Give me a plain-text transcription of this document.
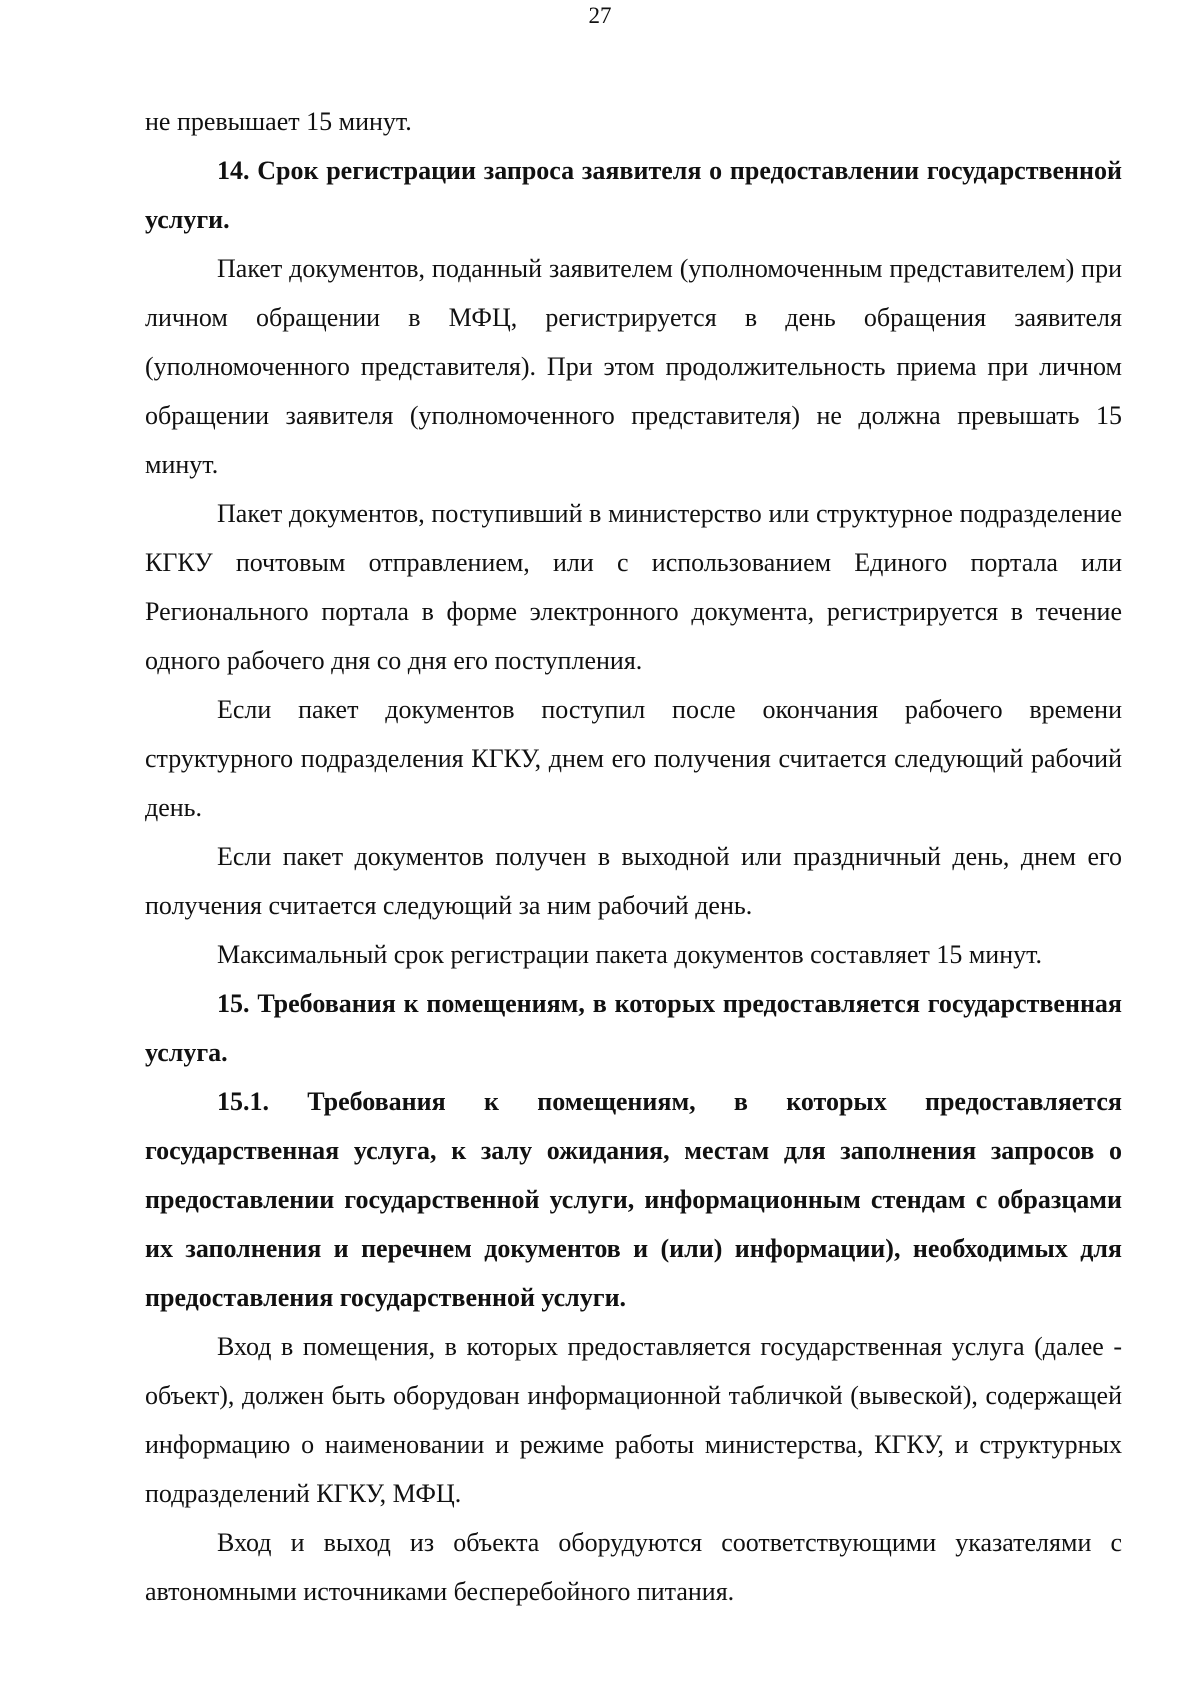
27

не превышает 15 минут.

14. Срок регистрации запроса заявителя о предоставлении государственной услуги.

Пакет документов, поданный заявителем (уполномоченным представителем) при личном обращении в МФЦ, регистрируется в день обращения заявителя (уполномоченного представителя). При этом продолжительность приема при личном обращении заявителя (уполномоченного представителя) не должна превышать 15 минут.

Пакет документов, поступивший в министерство или структурное подразделение КГКУ почтовым отправлением, или с использованием Единого портала или Регионального портала в форме электронного документа, регистрируется в течение одного рабочего дня со дня его поступления.

Если пакет документов поступил после окончания рабочего времени структурного подразделения КГКУ, днем его получения считается следующий рабочий день.

Если пакет документов получен в выходной или праздничный день, днем его получения считается следующий за ним рабочий день.

Максимальный срок регистрации пакета документов составляет 15 минут.

15. Требования к помещениям, в которых предоставляется государственная услуга.

15.1. Требования к помещениям, в которых предоставляется государственная услуга, к залу ожидания, местам для заполнения запросов о предоставлении государственной услуги, информационным стендам с образцами их заполнения и перечнем документов и (или) информации), необходимых для предоставления государственной услуги.

Вход в помещения, в которых предоставляется государственная услуга (далее - объект), должен быть оборудован информационной табличкой (вывеской), содержащей информацию о наименовании и режиме работы министерства, КГКУ, и структурных подразделений КГКУ, МФЦ.

Вход и выход из объекта оборудуются соответствующими указателями с автономными источниками бесперебойного питания.
